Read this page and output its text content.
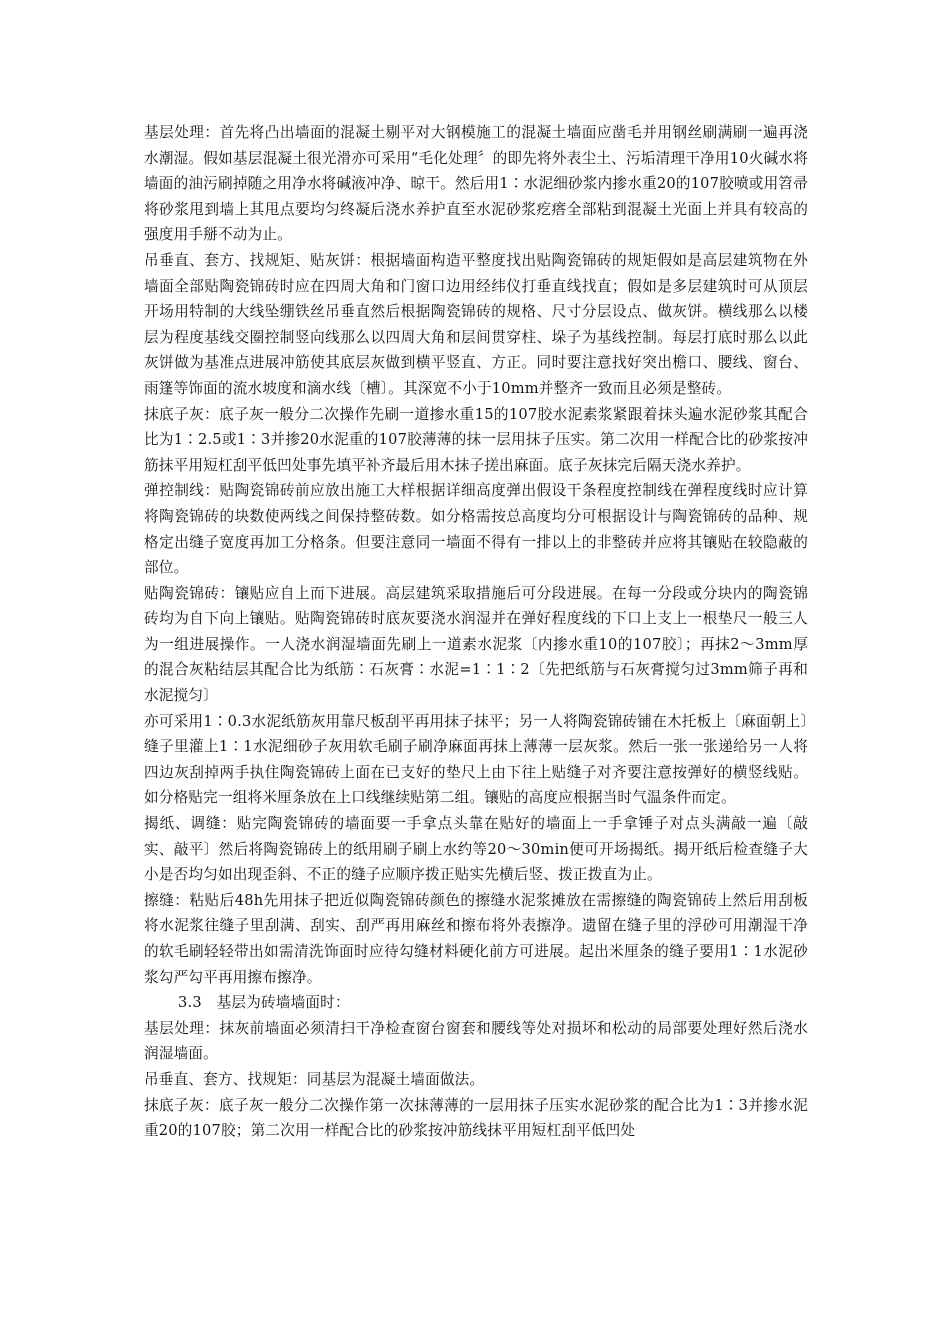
基层处理：首先将凸出墙面的混凝土剔平对大钢模施工的混凝土墙面应凿毛并用钢丝刷满刷一遍再浇水潮湿。假如基层混凝土很光滑亦可采用“毛化处理〞的即先将外表尘土、污垢清理干净用10火碱水将墙面的油污刷掉随之用净水将碱液冲净、晾干。然后用1∶水泥细砂浆内掺水重20的107胶喷或用笤帚将砂浆甩到墙上其甩点要均匀终凝后浇水养护直至水泥砂浆疙瘩全部粘到混凝土光面上并具有较高的强度用手掰不动为止。

吊垂直、套方、找规矩、贴灰饼：根据墙面构造平整度找出贴陶瓷锦砖的规矩假如是高层建筑物在外墙面全部贴陶瓷锦砖时应在四周大角和门窗口边用经纬仪打垂直线找直；假如是多层建筑时可从顶层开场用特制的大线坠绷铁丝吊垂直然后根据陶瓷锦砖的规格、尺寸分层设点、做灰饼。横线那么以楼层为程度基线交圈控制竖向线那么以四周大角和层间贯穿柱、垛子为基线控制。每层打底时那么以此灰饼做为基准点进展冲筋使其底层灰做到横平竖直、方正。同时要注意找好突出檐口、腰线、窗台、雨篷等饰面的流水坡度和滴水线〔槽〕。其深宽不小于10mm并整齐一致而且必须是整砖。

抹底子灰：底子灰一般分二次操作先刷一道掺水重15的107胶水泥素浆紧跟着抹头遍水泥砂浆其配合比为1∶2.5或1∶3并掺20水泥重的107胶薄薄的抹一层用抹子压实。第二次用一样配合比的砂浆按冲筋抹平用短杠刮平低凹处事先填平补齐最后用木抹子搓出麻面。底子灰抹完后隔天浇水养护。

弹控制线：贴陶瓷锦砖前应放出施工大样根据详细高度弹出假设干条程度控制线在弹程度线时应计算将陶瓷锦砖的块数使两线之间保持整砖数。如分格需按总高度均分可根据设计与陶瓷锦砖的品种、规格定出缝子宽度再加工分格条。但要注意同一墙面不得有一排以上的非整砖并应将其镶贴在较隐蔽的部位。

贴陶瓷锦砖：镶贴应自上而下进展。高层建筑采取措施后可分段进展。在每一分段或分块内的陶瓷锦砖均为自下向上镶贴。贴陶瓷锦砖时底灰要浇水润湿并在弹好程度线的下口上支上一根垫尺一般三人为一组进展操作。一人浇水润湿墙面先刷上一道素水泥浆〔内掺水重10的107胶〕；再抹2～3mm厚的混合灰粘结层其配合比为纸筋∶石灰膏∶水泥=1∶1∶2〔先把纸筋与石灰膏搅匀过3mm筛子再和水泥搅匀〕

亦可采用1∶0.3水泥纸筋灰用靠尺板刮平再用抹子抹平；另一人将陶瓷锦砖铺在木托板上〔麻面朝上〕缝子里灌上1∶1水泥细砂子灰用软毛刷子刷净麻面再抹上薄薄一层灰浆。然后一张一张递给另一人将四边灰刮掉两手执住陶瓷锦砖上面在已支好的垫尺上由下往上贴缝子对齐要注意按弹好的横竖线贴。如分格贴完一组将米厘条放在上口线继续贴第二组。镶贴的高度应根据当时气温条件而定。

揭纸、调缝：贴完陶瓷锦砖的墙面要一手拿点头靠在贴好的墙面上一手拿锤子对点头满敲一遍〔敲实、敲平〕然后将陶瓷锦砖上的纸用刷子刷上水约等20～30min便可开场揭纸。揭开纸后检查缝子大小是否均匀如出现歪斜、不正的缝子应顺序拨正贴实先横后竖、拨正拨直为止。

擦缝：粘贴后48h先用抹子把近似陶瓷锦砖颜色的擦缝水泥浆摊放在需擦缝的陶瓷锦砖上然后用刮板将水泥浆往缝子里刮满、刮实、刮严再用麻丝和擦布将外表擦净。遗留在缝子里的浮砂可用潮湿干净的软毛刷轻轻带出如需清洗饰面时应待勾缝材料硬化前方可进展。起出米厘条的缝子要用1∶1水泥砂浆勾严勾平再用擦布擦净。

3.3　基层为砖墙墙面时：

基层处理：抹灰前墙面必须清扫干净检查窗台窗套和腰线等处对损坏和松动的局部要处理好然后浇水润湿墙面。

吊垂直、套方、找规矩：同基层为混凝土墙面做法。

抹底子灰：底子灰一般分二次操作第一次抹薄薄的一层用抹子压实水泥砂浆的配合比为1∶3并掺水泥重20的107胶；第二次用一样配合比的砂浆按冲筋线抹平用短杠刮平低凹处
